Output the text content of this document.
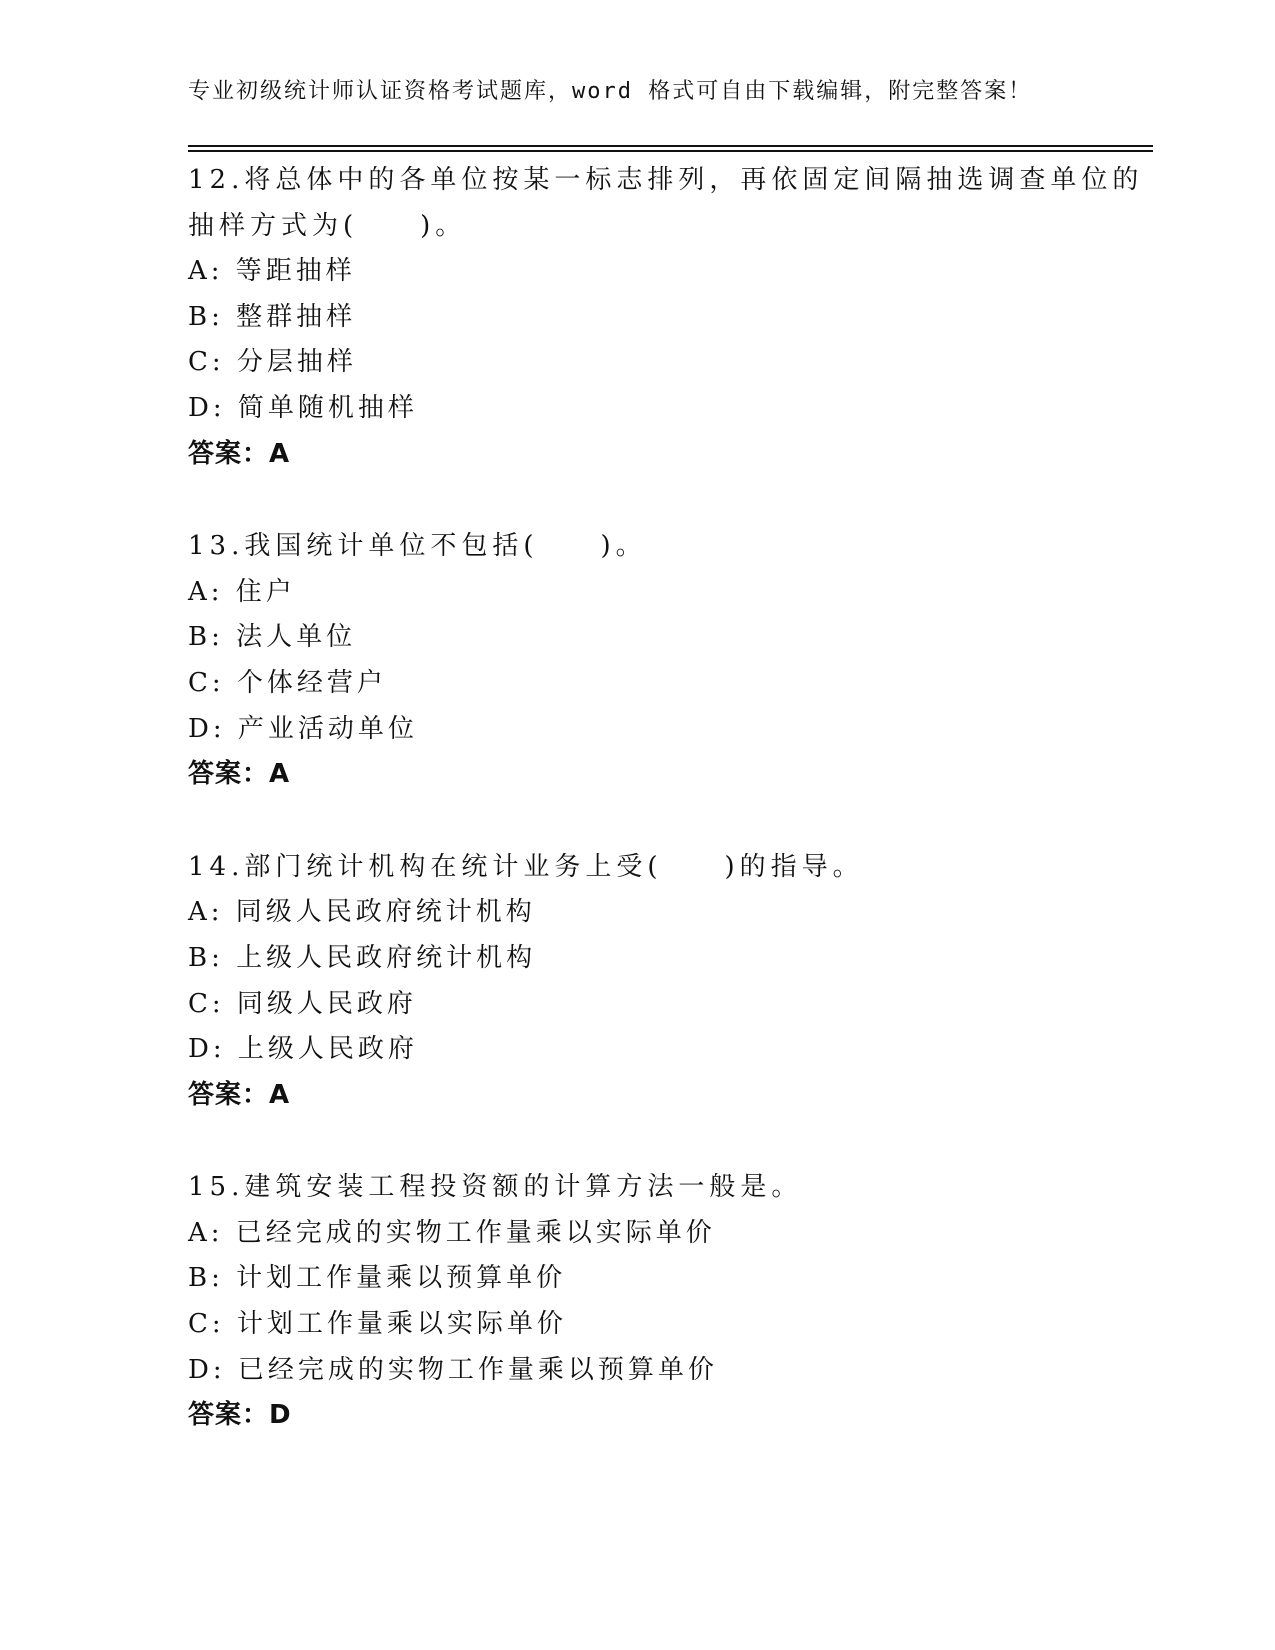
专业初级统计师认证资格考试题库，word 格式可自由下载编辑，附完整答案！
12.将总体中的各单位按某一标志排列，再依固定间隔抽选调查单位的
抽样方式为(　　)。
A: 等距抽样
B: 整群抽样
C: 分层抽样
D: 简单随机抽样
答案：A
13.我国统计单位不包括(　　)。
A: 住户
B: 法人单位
C: 个体经营户
D: 产业活动单位
答案：A
14.部门统计机构在统计业务上受(　　)的指导。
A: 同级人民政府统计机构
B: 上级人民政府统计机构
C: 同级人民政府
D: 上级人民政府
答案：A
15.建筑安装工程投资额的计算方法一般是。
A: 已经完成的实物工作量乘以实际单价
B: 计划工作量乘以预算单价
C: 计划工作量乘以实际单价
D: 已经完成的实物工作量乘以预算单价
答案：D
